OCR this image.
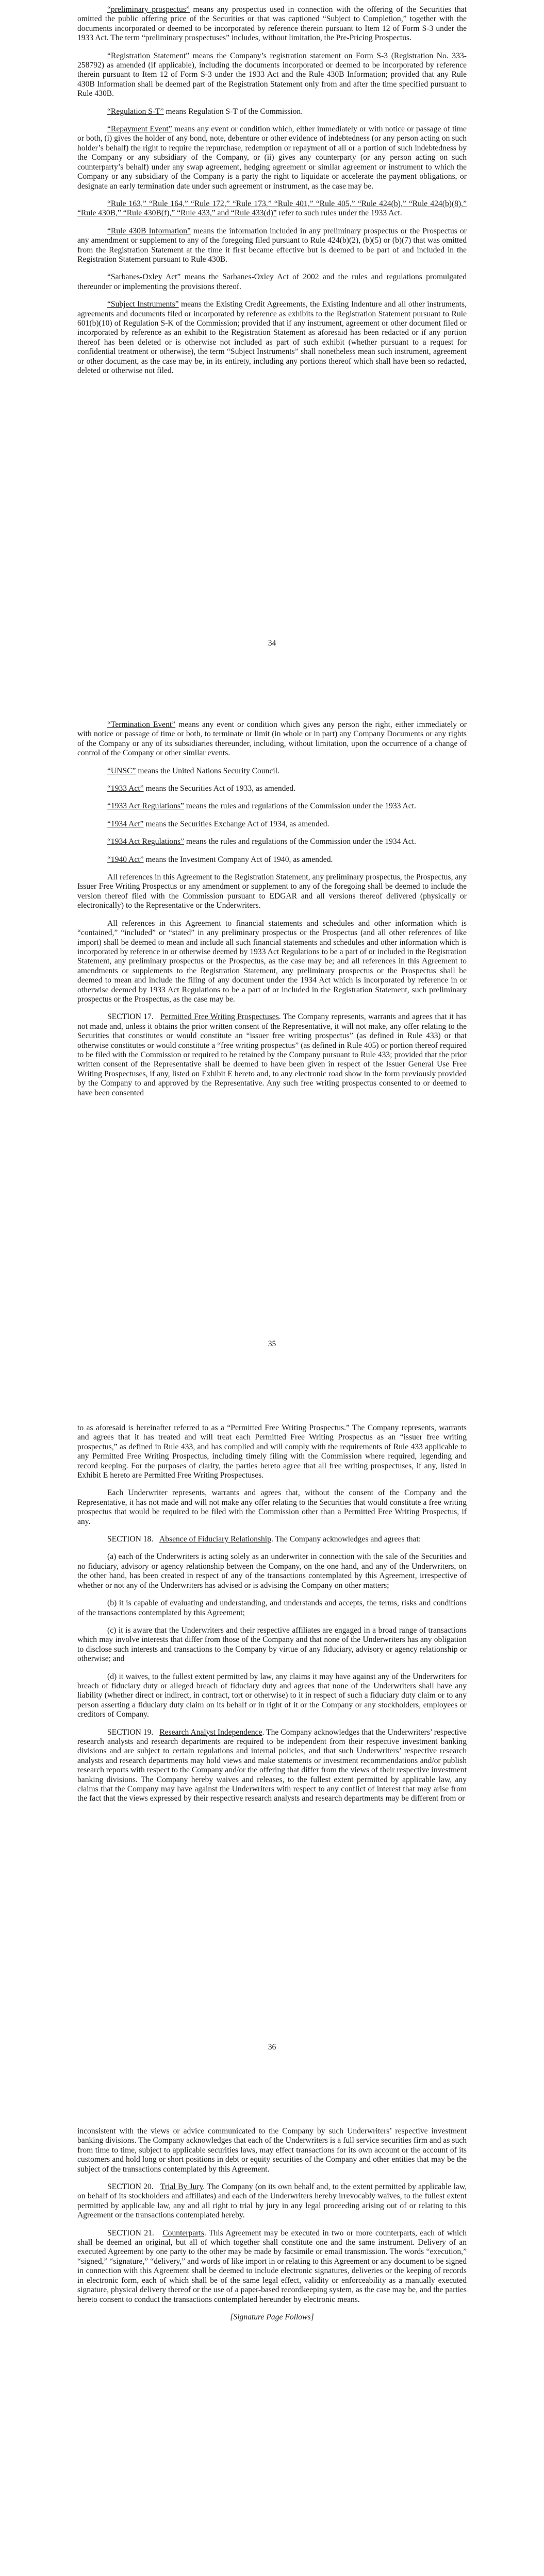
“preliminary prospectus” means any prospectus used in connection with the offering of the Securities that omitted the public offering price of the Securities or that was captioned “Subject to Completion,” together with the documents incorporated or deemed to be incorporated by reference therein pursuant to Item 12 of Form S-3 under the 1933 Act. The term “preliminary prospectuses” includes, without limitation, the Pre-Pricing Prospectus.

“Registration Statement” means the Company’s registration statement on Form S-3 (Registration No. 333-258792) as amended (if applicable), including the documents incorporated or deemed to be incorporated by reference therein pursuant to Item 12 of Form S-3 under the 1933 Act and the Rule 430B Information; provided that any Rule 430B Information shall be deemed part of the Registration Statement only from and after the time specified pursuant to Rule 430B.

“Regulation S-T” means Regulation S-T of the Commission.

“Repayment Event” means any event or condition which, either immediately or with notice or passage of time or both, (i) gives the holder of any bond, note, debenture or other evidence of indebtedness (or any person acting on such holder’s behalf) the right to require the repurchase, redemption or repayment of all or a portion of such indebtedness by the Company or any subsidiary of the Company, or (ii) gives any counterparty (or any person acting on such counterparty’s behalf) under any swap agreement, hedging agreement or similar agreement or instrument to which the Company or any subsidiary of the Company is a party the right to liquidate or accelerate the payment obligations, or designate an early termination date under such agreement or instrument, as the case may be.

“Rule 163,” “Rule 164,” “Rule 172,” “Rule 173,” “Rule 401,” “Rule 405,” “Rule 424(b),” “Rule 424(b)(8),” “Rule 430B,” “Rule 430B(f),” “Rule 433,” and “Rule 433(d)” refer to such rules under the 1933 Act.

“Rule 430B Information” means the information included in any preliminary prospectus or the Prospectus or any amendment or supplement to any of the foregoing filed pursuant to Rule 424(b)(2), (b)(5) or (b)(7) that was omitted from the Registration Statement at the time it first became effective but is deemed to be part of and included in the Registration Statement pursuant to Rule 430B.

“Sarbanes-Oxley Act” means the Sarbanes-Oxley Act of 2002 and the rules and regulations promulgated thereunder or implementing the provisions thereof.

“Subject Instruments” means the Existing Credit Agreements, the Existing Indenture and all other instruments, agreements and documents filed or incorporated by reference as exhibits to the Registration Statement pursuant to Rule 601(b)(10) of Regulation S-K of the Commission; provided that if any instrument, agreement or other document filed or incorporated by reference as an exhibit to the Registration Statement as aforesaid has been redacted or if any portion thereof has been deleted or is otherwise not included as part of such exhibit (whether pursuant to a request for confidential treatment or otherwise), the term “Subject Instruments” shall nonetheless mean such instrument, agreement or other document, as the case may be, in its entirety, including any portions thereof which shall have been so redacted, deleted or otherwise not filed.

34

“Termination Event” means any event or condition which gives any person the right, either immediately or with notice or passage of time or both, to terminate or limit (in whole or in part) any Company Documents or any rights of the Company or any of its subsidiaries thereunder, including, without limitation, upon the occurrence of a change of control of the Company or other similar events.

“UNSC” means the United Nations Security Council.

“1933 Act” means the Securities Act of 1933, as amended.

“1933 Act Regulations” means the rules and regulations of the Commission under the 1933 Act.

“1934 Act” means the Securities Exchange Act of 1934, as amended.

“1934 Act Regulations” means the rules and regulations of the Commission under the 1934 Act.

“1940 Act” means the Investment Company Act of 1940, as amended.

All references in this Agreement to the Registration Statement, any preliminary prospectus, the Prospectus, any Issuer Free Writing Prospectus or any amendment or supplement to any of the foregoing shall be deemed to include the version thereof filed with the Commission pursuant to EDGAR and all versions thereof delivered (physically or electronically) to the Representative or the Underwriters.

All references in this Agreement to financial statements and schedules and other information which is “contained,” “included” or “stated” in any preliminary prospectus or the Prospectus (and all other references of like import) shall be deemed to mean and include all such financial statements and schedules and other information which is incorporated by reference in or otherwise deemed by 1933 Act Regulations to be a part of or included in the Registration Statement, any preliminary prospectus or the Prospectus, as the case may be; and all references in this Agreement to amendments or supplements to the Registration Statement, any preliminary prospectus or the Prospectus shall be deemed to mean and include the filing of any document under the 1934 Act which is incorporated by reference in or otherwise deemed by 1933 Act Regulations to be a part of or included in the Registration Statement, such preliminary prospectus or the Prospectus, as the case may be.

SECTION 17. Permitted Free Writing Prospectuses. The Company represents, warrants and agrees that it has not made and, unless it obtains the prior written consent of the Representative, it will not make, any offer relating to the Securities that constitutes or would constitute an “issuer free writing prospectus” (as defined in Rule 433) or that otherwise constitutes or would constitute a “free writing prospectus” (as defined in Rule 405) or portion thereof required to be filed with the Commission or required to be retained by the Company pursuant to Rule 433; provided that the prior written consent of the Representative shall be deemed to have been given in respect of the Issuer General Use Free Writing Prospectuses, if any, listed on Exhibit E hereto and, to any electronic road show in the form previously provided by the Company to and approved by the Representative. Any such free writing prospectus consented to or deemed to have been consented

35

to as aforesaid is hereinafter referred to as a “Permitted Free Writing Prospectus.” The Company represents, warrants and agrees that it has treated and will treat each Permitted Free Writing Prospectus as an “issuer free writing prospectus,” as defined in Rule 433, and has complied and will comply with the requirements of Rule 433 applicable to any Permitted Free Writing Prospectus, including timely filing with the Commission where required, legending and record keeping. For the purposes of clarity, the parties hereto agree that all free writing prospectuses, if any, listed in Exhibit E hereto are Permitted Free Writing Prospectuses.

Each Underwriter represents, warrants and agrees that, without the consent of the Company and the Representative, it has not made and will not make any offer relating to the Securities that would constitute a free writing prospectus that would be required to be filed with the Commission other than a Permitted Free Writing Prospectus, if any.

SECTION 18. Absence of Fiduciary Relationship. The Company acknowledges and agrees that:

(a) each of the Underwriters is acting solely as an underwriter in connection with the sale of the Securities and no fiduciary, advisory or agency relationship between the Company, on the one hand, and any of the Underwriters, on the other hand, has been created in respect of any of the transactions contemplated by this Agreement, irrespective of whether or not any of the Underwriters has advised or is advising the Company on other matters;

(b) it is capable of evaluating and understanding, and understands and accepts, the terms, risks and conditions of the transactions contemplated by this Agreement;

(c) it is aware that the Underwriters and their respective affiliates are engaged in a broad range of transactions which may involve interests that differ from those of the Company and that none of the Underwriters has any obligation to disclose such interests and transactions to the Company by virtue of any fiduciary, advisory or agency relationship or otherwise; and

(d) it waives, to the fullest extent permitted by law, any claims it may have against any of the Underwriters for breach of fiduciary duty or alleged breach of fiduciary duty and agrees that none of the Underwriters shall have any liability (whether direct or indirect, in contract, tort or otherwise) to it in respect of such a fiduciary duty claim or to any person asserting a fiduciary duty claim on its behalf or in right of it or the Company or any stockholders, employees or creditors of Company.

SECTION 19. Research Analyst Independence. The Company acknowledges that the Underwriters’ respective research analysts and research departments are required to be independent from their respective investment banking divisions and are subject to certain regulations and internal policies, and that such Underwriters’ respective research analysts and research departments may hold views and make statements or investment recommendations and/or publish research reports with respect to the Company and/or the offering that differ from the views of their respective investment banking divisions. The Company hereby waives and releases, to the fullest extent permitted by applicable law, any claims that the Company may have against the Underwriters with respect to any conflict of interest that may arise from the fact that the views expressed by their respective research analysts and research departments may be different from or

36

inconsistent with the views or advice communicated to the Company by such Underwriters’ respective investment banking divisions. The Company acknowledges that each of the Underwriters is a full service securities firm and as such from time to time, subject to applicable securities laws, may effect transactions for its own account or the account of its customers and hold long or short positions in debt or equity securities of the Company and other entities that may be the subject of the transactions contemplated by this Agreement.

SECTION 20. Trial By Jury. The Company (on its own behalf and, to the extent permitted by applicable law, on behalf of its stockholders and affiliates) and each of the Underwriters hereby irrevocably waives, to the fullest extent permitted by applicable law, any and all right to trial by jury in any legal proceeding arising out of or relating to this Agreement or the transactions contemplated hereby.

SECTION 21. Counterparts. This Agreement may be executed in two or more counterparts, each of which shall be deemed an original, but all of which together shall constitute one and the same instrument. Delivery of an executed Agreement by one party to the other may be made by facsimile or email transmission. The words “execution,” “signed,” “signature,” “delivery,” and words of like import in or relating to this Agreement or any document to be signed in connection with this Agreement shall be deemed to include electronic signatures, deliveries or the keeping of records in electronic form, each of which shall be of the same legal effect, validity or enforceability as a manually executed signature, physical delivery thereof or the use of a paper-based recordkeeping system, as the case may be, and the parties hereto consent to conduct the transactions contemplated hereunder by electronic means.

[Signature Page Follows]
